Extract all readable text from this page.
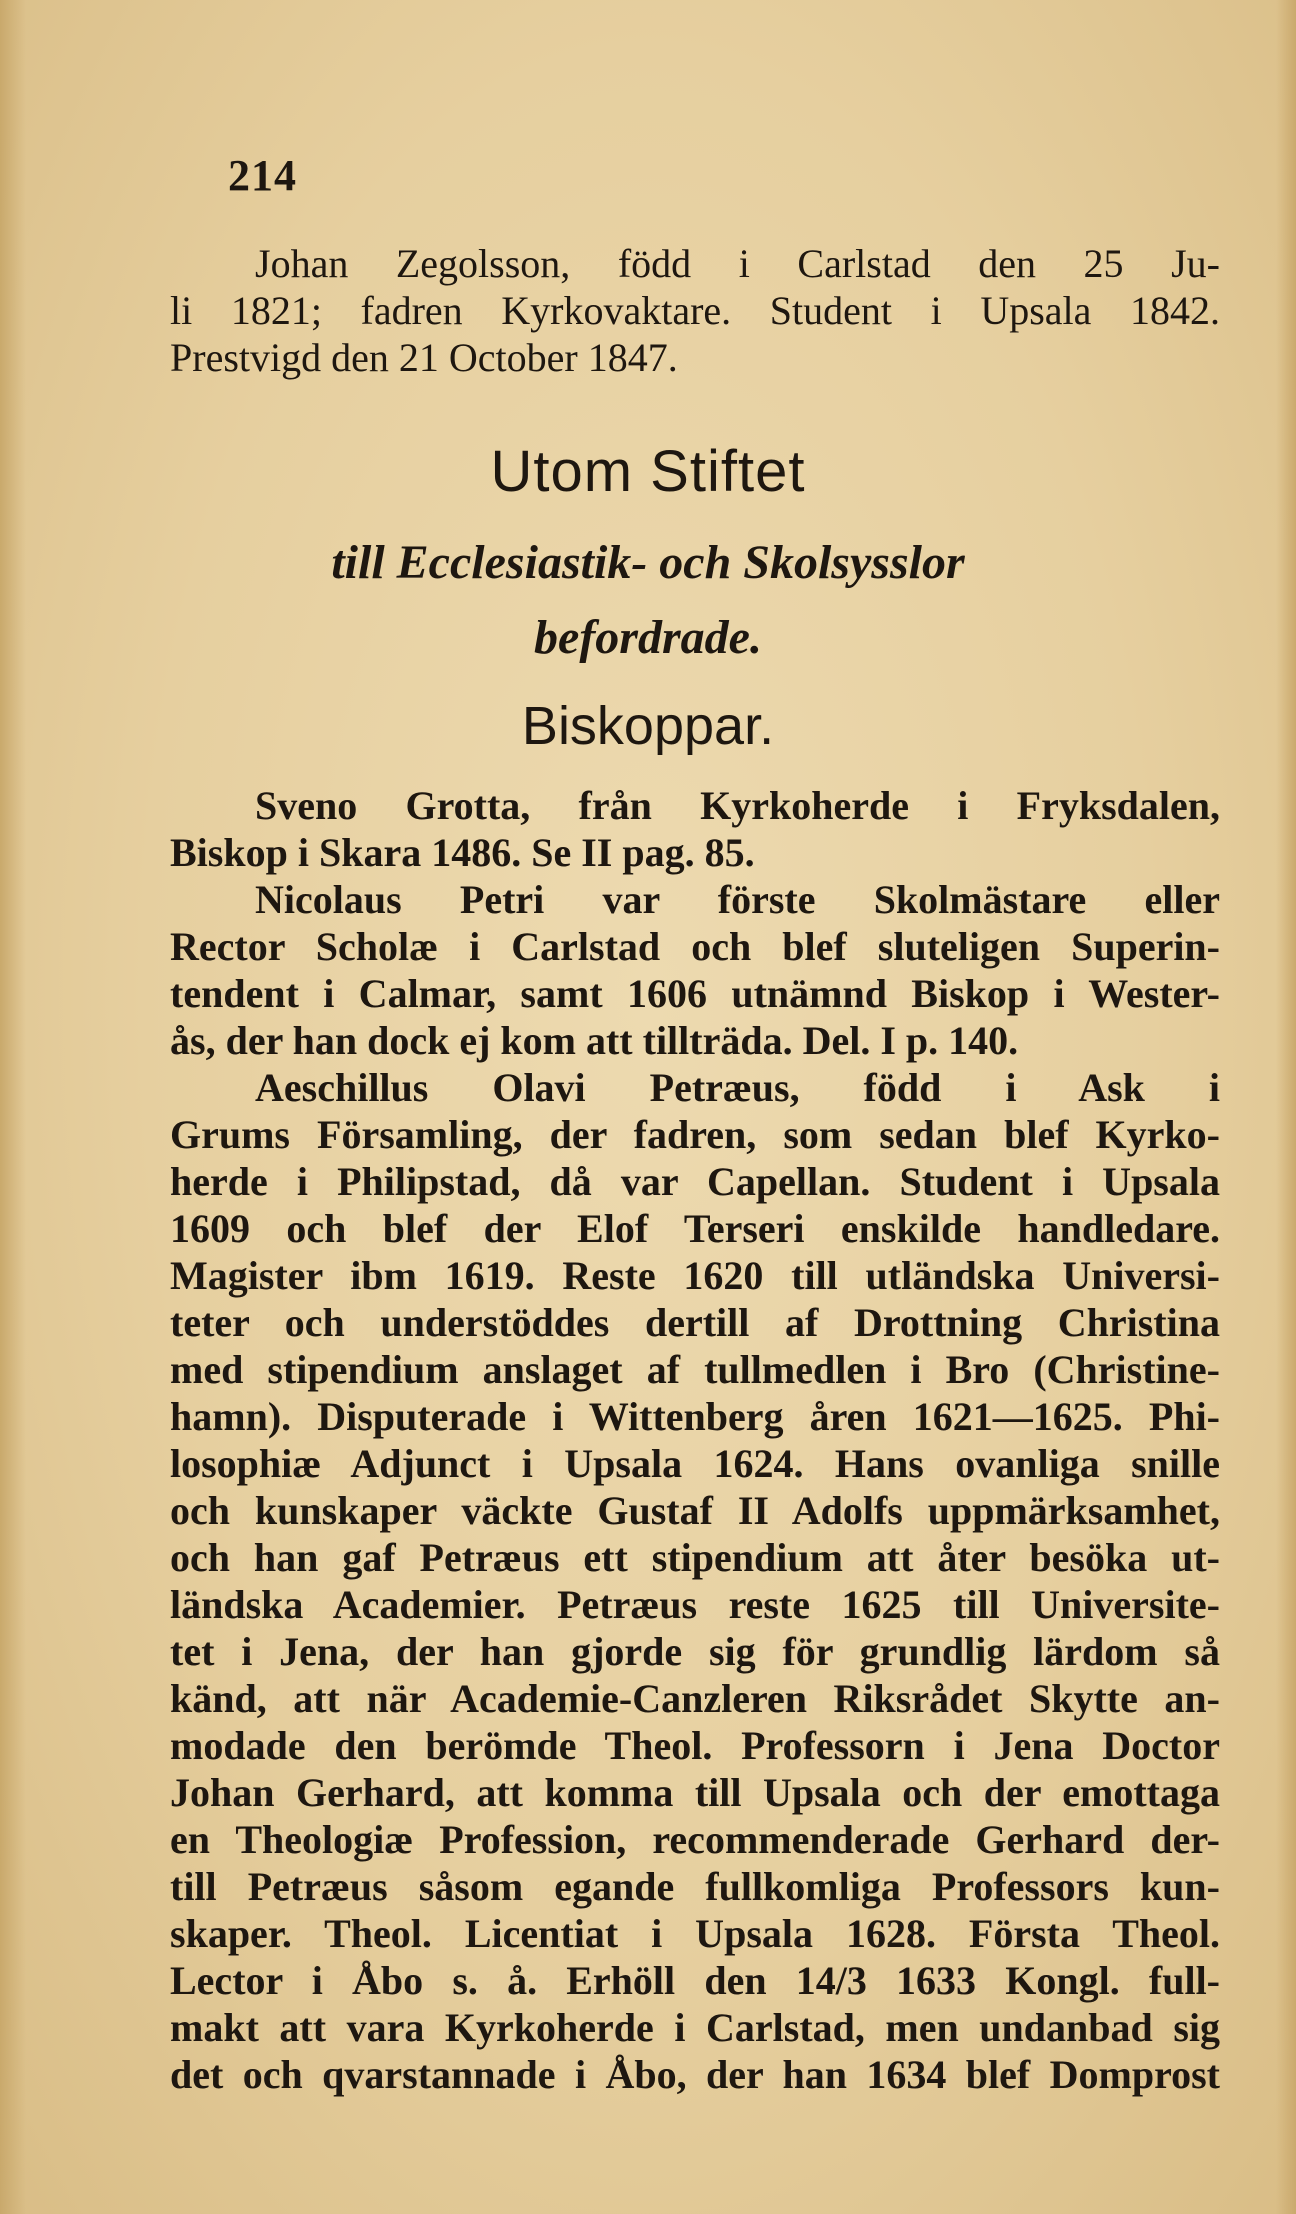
214
Johan Zegolsson, född i Carlstad den 25 Ju-
li 1821; fadren Kyrkovaktare. Student i Upsala 1842.
Prestvigd den 21 October 1847.
Utom Stiftet
till Ecclesiastik- och Skolsysslor
befordrade.
Biskoppar.
Sveno Grotta, från Kyrkoherde i Fryksdalen,
Biskop i Skara 1486. Se II pag. 85.
Nicolaus Petri var förste Skolmästare eller
Rector Scholæ i Carlstad och blef sluteligen Superin-
tendent i Calmar, samt 1606 utnämnd Biskop i Wester-
ås, der han dock ej kom att tillträda. Del. I p. 140.
Aeschillus Olavi Petræus, född i Ask i
Grums Församling, der fadren, som sedan blef Kyrko-
herde i Philipstad, då var Capellan. Student i Upsala
1609 och blef der Elof Terseri enskilde handledare.
Magister ibm 1619. Reste 1620 till utländska Universi-
teter och understöddes dertill af Drottning Christina
med stipendium anslaget af tullmedlen i Bro (Christine-
hamn). Disputerade i Wittenberg åren 1621—1625. Phi-
losophiæ Adjunct i Upsala 1624. Hans ovanliga snille
och kunskaper väckte Gustaf II Adolfs uppmärksamhet,
och han gaf Petræus ett stipendium att åter besöka ut-
ländska Academier. Petræus reste 1625 till Universite-
tet i Jena, der han gjorde sig för grundlig lärdom så
känd, att när Academie-Canzleren Riksrådet Skytte an-
modade den berömde Theol. Professorn i Jena Doctor
Johan Gerhard, att komma till Upsala och der emottaga
en Theologiæ Profession, recommenderade Gerhard der-
till Petræus såsom egande fullkomliga Professors kun-
skaper. Theol. Licentiat i Upsala 1628. Första Theol.
Lector i Åbo s. å. Erhöll den 14/3 1633 Kongl. full-
makt att vara Kyrkoherde i Carlstad, men undanbad sig
det och qvarstannade i Åbo, der han 1634 blef Domprost
